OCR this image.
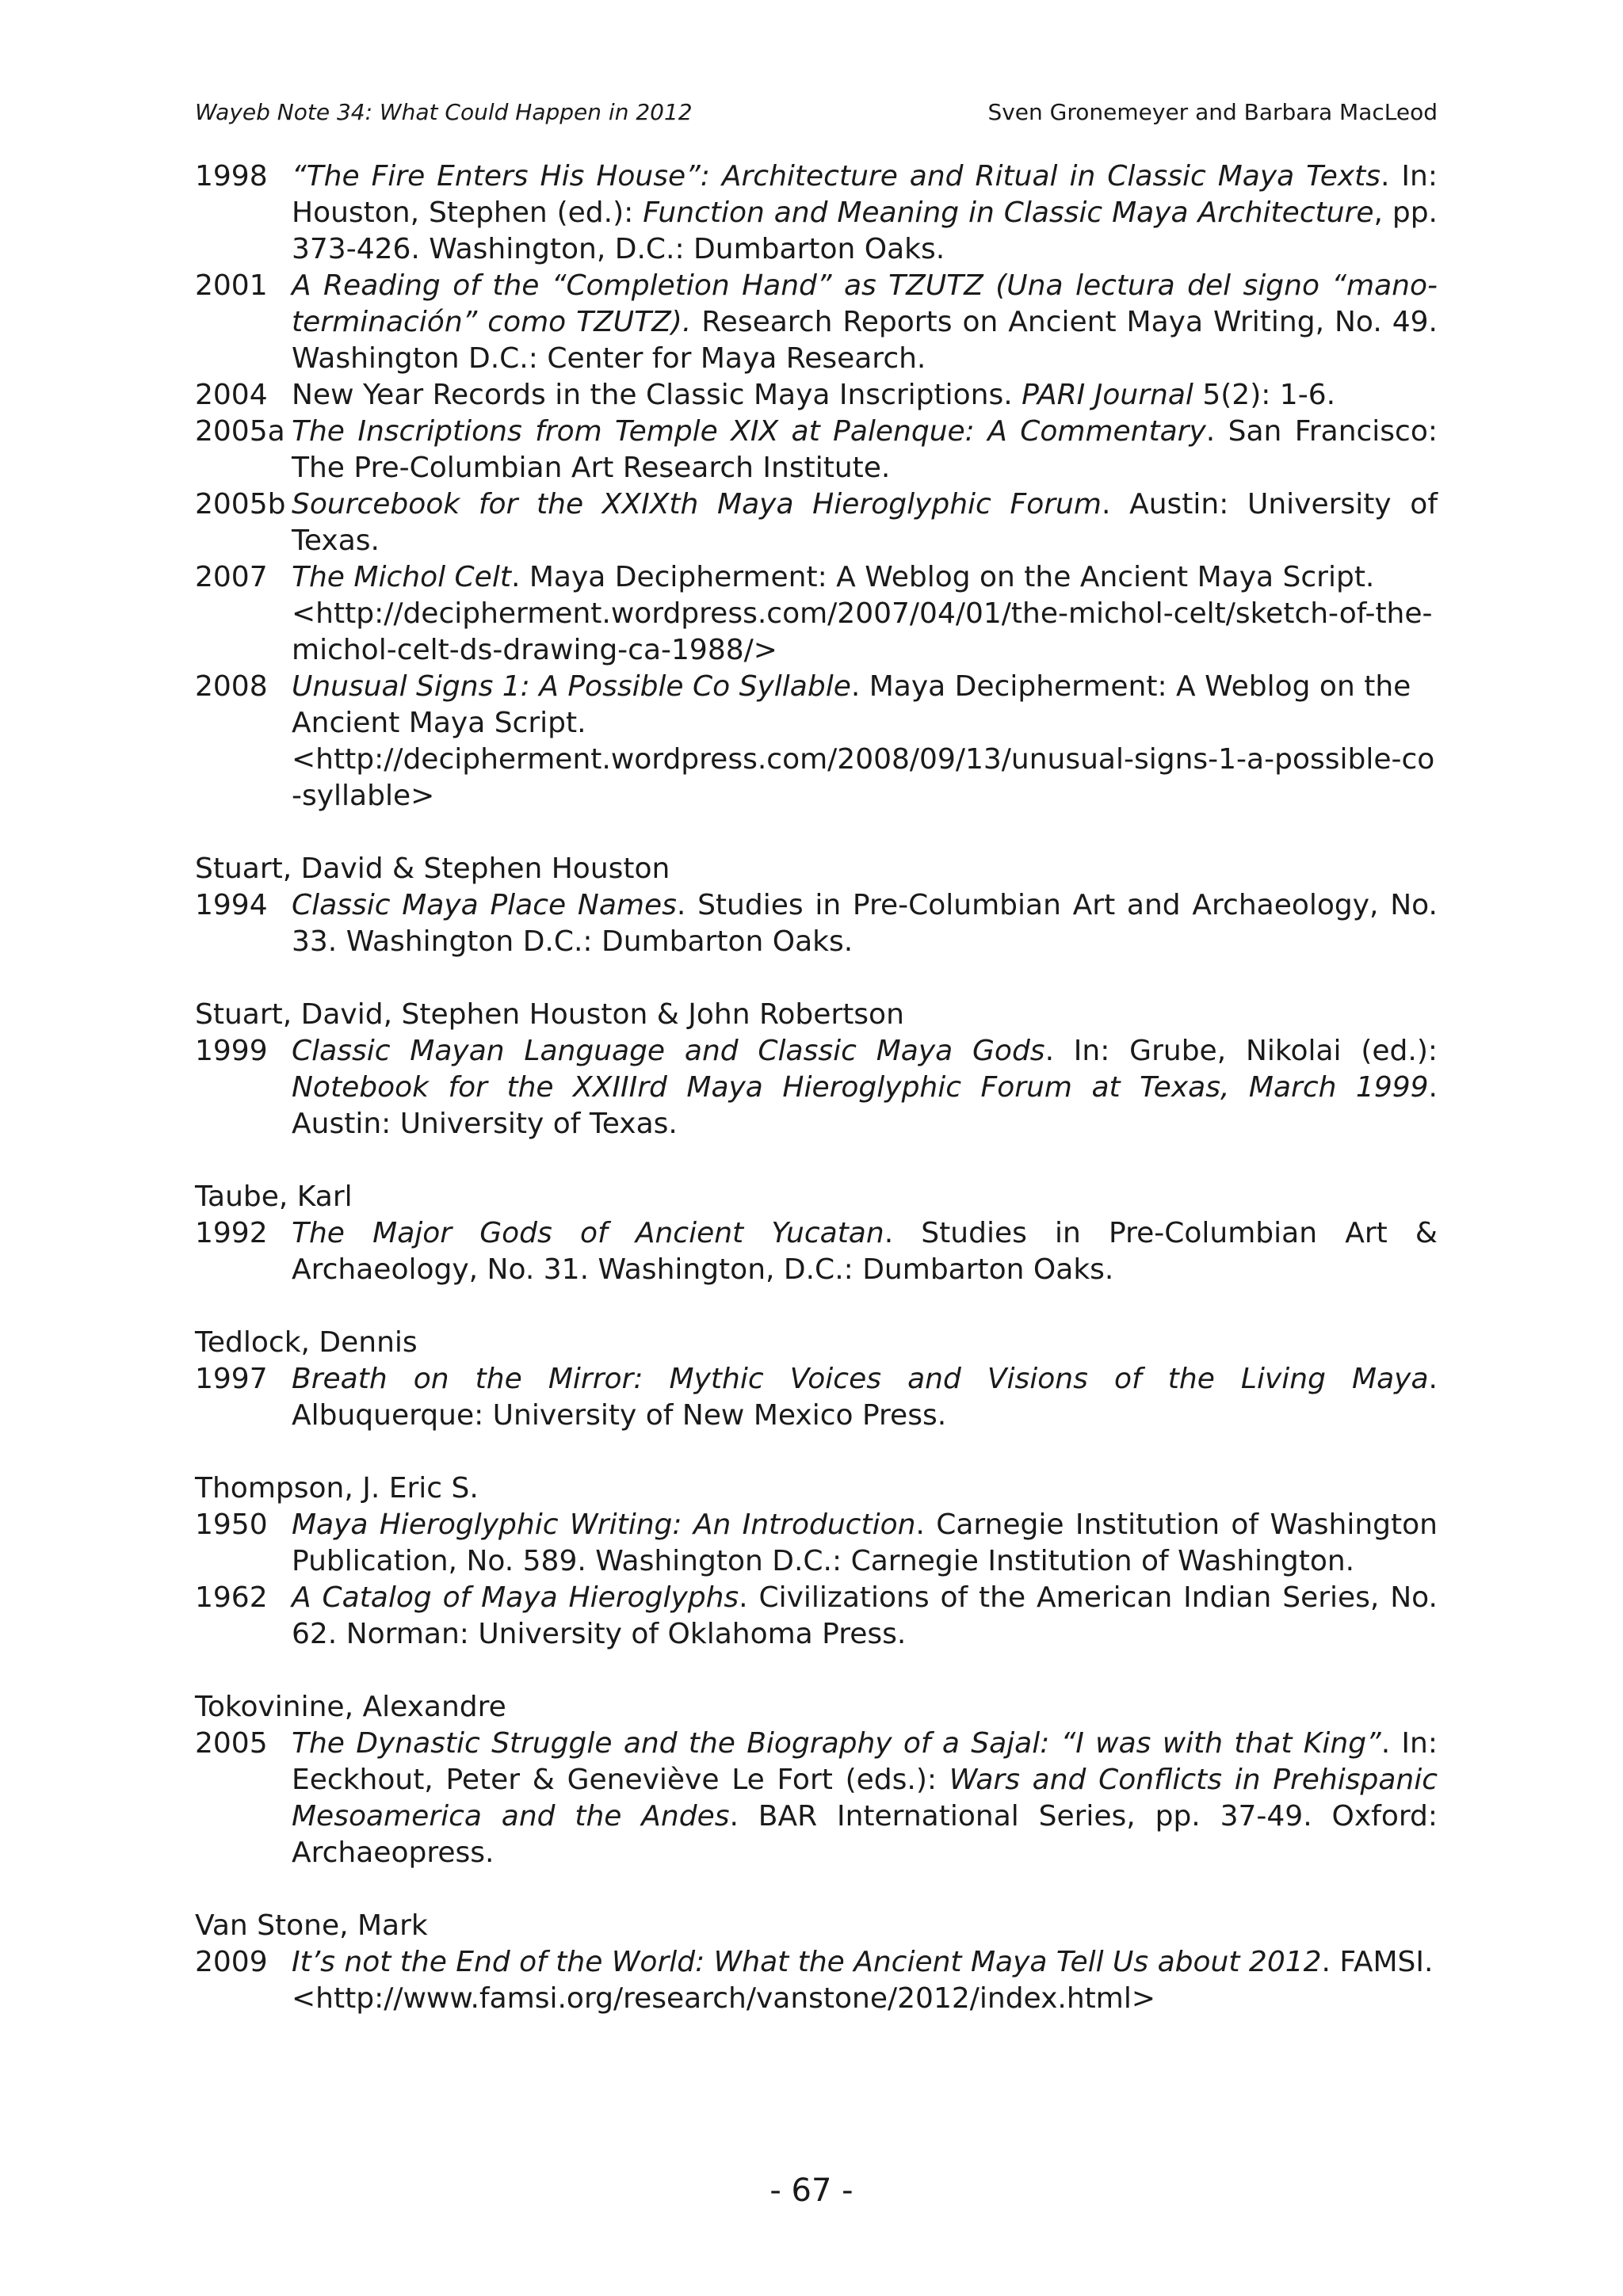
Wayeb Note 34: What Could Happen in 2012	Sven Gronemeyer and Barbara MacLeod
1998 “The Fire Enters His House”: Architecture and Ritual in Classic Maya Texts. In: Houston, Stephen (ed.): Function and Meaning in Classic Maya Architecture, pp. 373-426. Washington, D.C.: Dumbarton Oaks.
2001 A Reading of the “Completion Hand” as TZUTZ (Una lectura del signo “mano-terminación” como TZUTZ). Research Reports on Ancient Maya Writing, No. 49. Washington D.C.: Center for Maya Research.
2004 New Year Records in the Classic Maya Inscriptions. PARI Journal 5(2): 1-6.
2005a The Inscriptions from Temple XIX at Palenque: A Commentary. San Francisco: The Pre-Columbian Art Research Institute.
2005b Sourcebook for the XXIXth Maya Hieroglyphic Forum. Austin: University of Texas.
2007 The Michol Celt. Maya Decipherment: A Weblog on the Ancient Maya Script.
<http://decipherment.wordpress.com/2007/04/01/the-michol-celt/sketch-of-the-michol-celt-ds-drawing-ca-1988/>
2008 Unusual Signs 1: A Possible Co Syllable. Maya Decipherment: A Weblog on the Ancient Maya Script.
<http://decipherment.wordpress.com/2008/09/13/unusual-signs-1-a-possible-co-syllable>
Stuart, David & Stephen Houston
1994 Classic Maya Place Names. Studies in Pre-Columbian Art and Archaeology, No. 33. Washington D.C.: Dumbarton Oaks.
Stuart, David, Stephen Houston & John Robertson
1999 Classic Mayan Language and Classic Maya Gods. In: Grube, Nikolai (ed.): Notebook for the XXIIIrd Maya Hieroglyphic Forum at Texas, March 1999. Austin: University of Texas.
Taube, Karl
1992 The Major Gods of Ancient Yucatan. Studies in Pre-Columbian Art & Archaeology, No. 31. Washington, D.C.: Dumbarton Oaks.
Tedlock, Dennis
1997 Breath on the Mirror: Mythic Voices and Visions of the Living Maya. Albuquerque: University of New Mexico Press.
Thompson, J. Eric S.
1950 Maya Hieroglyphic Writing: An Introduction. Carnegie Institution of Washington Publication, No. 589. Washington D.C.: Carnegie Institution of Washington.
1962 A Catalog of Maya Hieroglyphs. Civilizations of the American Indian Series, No. 62. Norman: University of Oklahoma Press.
Tokovinine, Alexandre
2005 The Dynastic Struggle and the Biography of a Sajal: “I was with that King”. In: Eeckhout, Peter & Geneviève Le Fort (eds.): Wars and Conflicts in Prehispanic Mesoamerica and the Andes. BAR International Series, pp. 37-49. Oxford: Archaeopress.
Van Stone, Mark
2009 It’s not the End of the World: What the Ancient Maya Tell Us about 2012. FAMSI.
<http://www.famsi.org/research/vanstone/2012/index.html>
- 67 -
